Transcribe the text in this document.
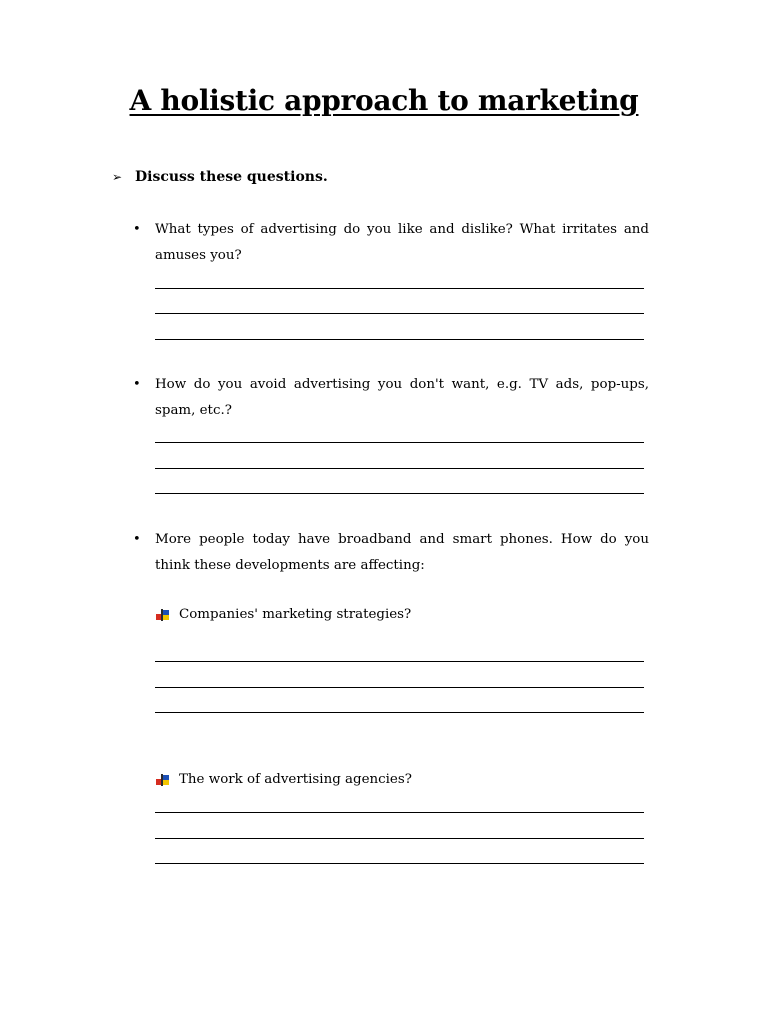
A holistic approach to marketing
➢ Discuss these questions.
• What types of advertising do you like and dislike? What irritates and amuses you?
• How do you avoid advertising you don't want, e.g. TV ads, pop-ups, spam, etc.?
• More people today have broadband and smart phones. How do you think these developments are affecting:
Companies' marketing strategies?
The work of advertising agencies?
